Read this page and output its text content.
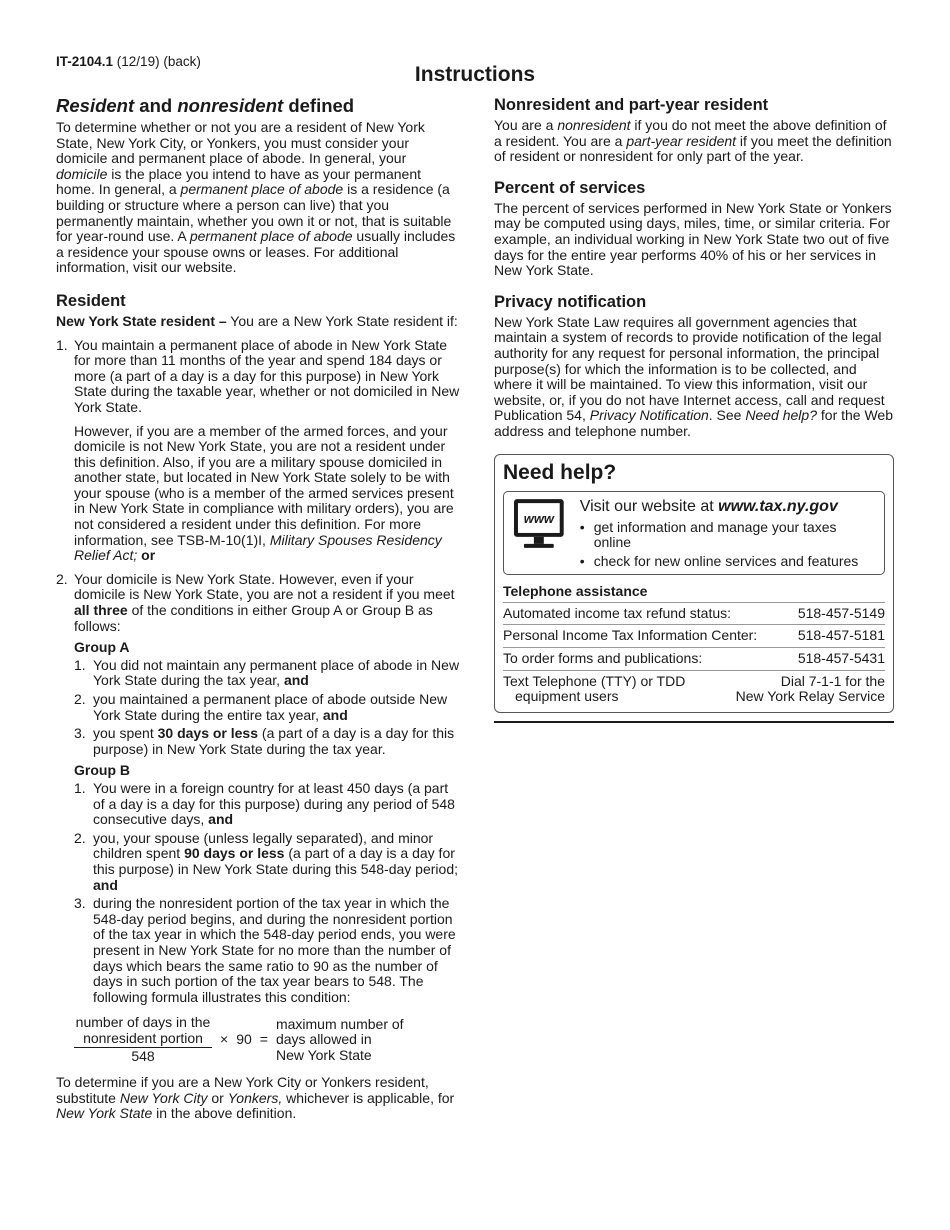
IT-2104.1 (12/19) (back)
Instructions
Resident and nonresident defined

To determine whether or not you are a resident of New York State, New York City, or Yonkers, you must consider your domicile and permanent place of abode. In general, your domicile is the place you intend to have as your permanent home. In general, a permanent place of abode is a residence (a building or structure where a person can live) that you permanently maintain, whether you own it or not, that is suitable for year-round use. A permanent place of abode usually includes a residence your spouse owns or leases. For additional information, visit our website.

Resident

New York State resident – You are a New York State resident if:

1. You maintain a permanent place of abode in New York State for more than 11 months of the year and spend 184 days or more (a part of a day is a day for this purpose) in New York State during the taxable year, whether or not domiciled in New York State.

However, if you are a member of the armed forces, and your domicile is not New York State, you are not a resident under this definition. Also, if you are a military spouse domiciled in another state, but located in New York State solely to be with your spouse (who is a member of the armed services present in New York State in compliance with military orders), you are not considered a resident under this definition. For more information, see TSB-M-10(1)I, Military Spouses Residency Relief Act; or

2. Your domicile is New York State. However, even if your domicile is New York State, you are not a resident if you meet all three of the conditions in either Group A or Group B as follows:

Group A
1. You did not maintain any permanent place of abode in New York State during the tax year, and
2. you maintained a permanent place of abode outside New York State during the entire tax year, and
3. you spent 30 days or less (a part of a day is a day for this purpose) in New York State during the tax year.
Group B
1. You were in a foreign country for at least 450 days (a part of a day is a day for this purpose) during any period of 548 consecutive days, and
2. you, your spouse (unless legally separated), and minor children spent 90 days or less (a part of a day is a day for this purpose) in New York State during this 548-day period; and
3. during the nonresident portion of the tax year in which the 548-day period begins, and during the nonresident portion of the tax year in which the 548-day period ends, you were present in New York State for no more than the number of days which bears the same ratio to 90 as the number of days in such portion of the tax year bears to 548. The following formula illustrates this condition:
number of days in the
nonresident portion
548 × 90 =
maximum number of
days allowed in
New York State

To determine if you are a New York City or Yonkers resident, substitute New York City or Yonkers, whichever is applicable, for New York State in the above definition.

Nonresident and part-year resident

You are a nonresident if you do not meet the above definition of a resident. You are a part-year resident if you meet the definition of resident or nonresident for only part of the year.

Percent of services

The percent of services performed in New York State or Yonkers may be computed using days, miles, time, or similar criteria. For example, an individual working in New York State two out of five days for the entire year performs 40% of his or her services in New York State.

Privacy notification

New York State Law requires all government agencies that maintain a system of records to provide notification of the legal authority for any request for personal information, the principal purpose(s) for which the information is to be collected, and where it will be maintained. To view this information, visit our website, or, if you do not have Internet access, call and request Publication 54, Privacy Notification. See Need help? for the Web address and telephone number.

Need help?
www
Visit our website at www.tax.ny.gov
• get information and manage your taxes online
• check for new online services and features
Telephone assistance
Automated income tax refund status:	518-457-5149
Personal Income Tax Information Center:	518-457-5181
To order forms and publications:	518-457-5431
Text Telephone (TTY) or TDD
equipment users
Dial 7-1-1 for the
New York Relay Service
